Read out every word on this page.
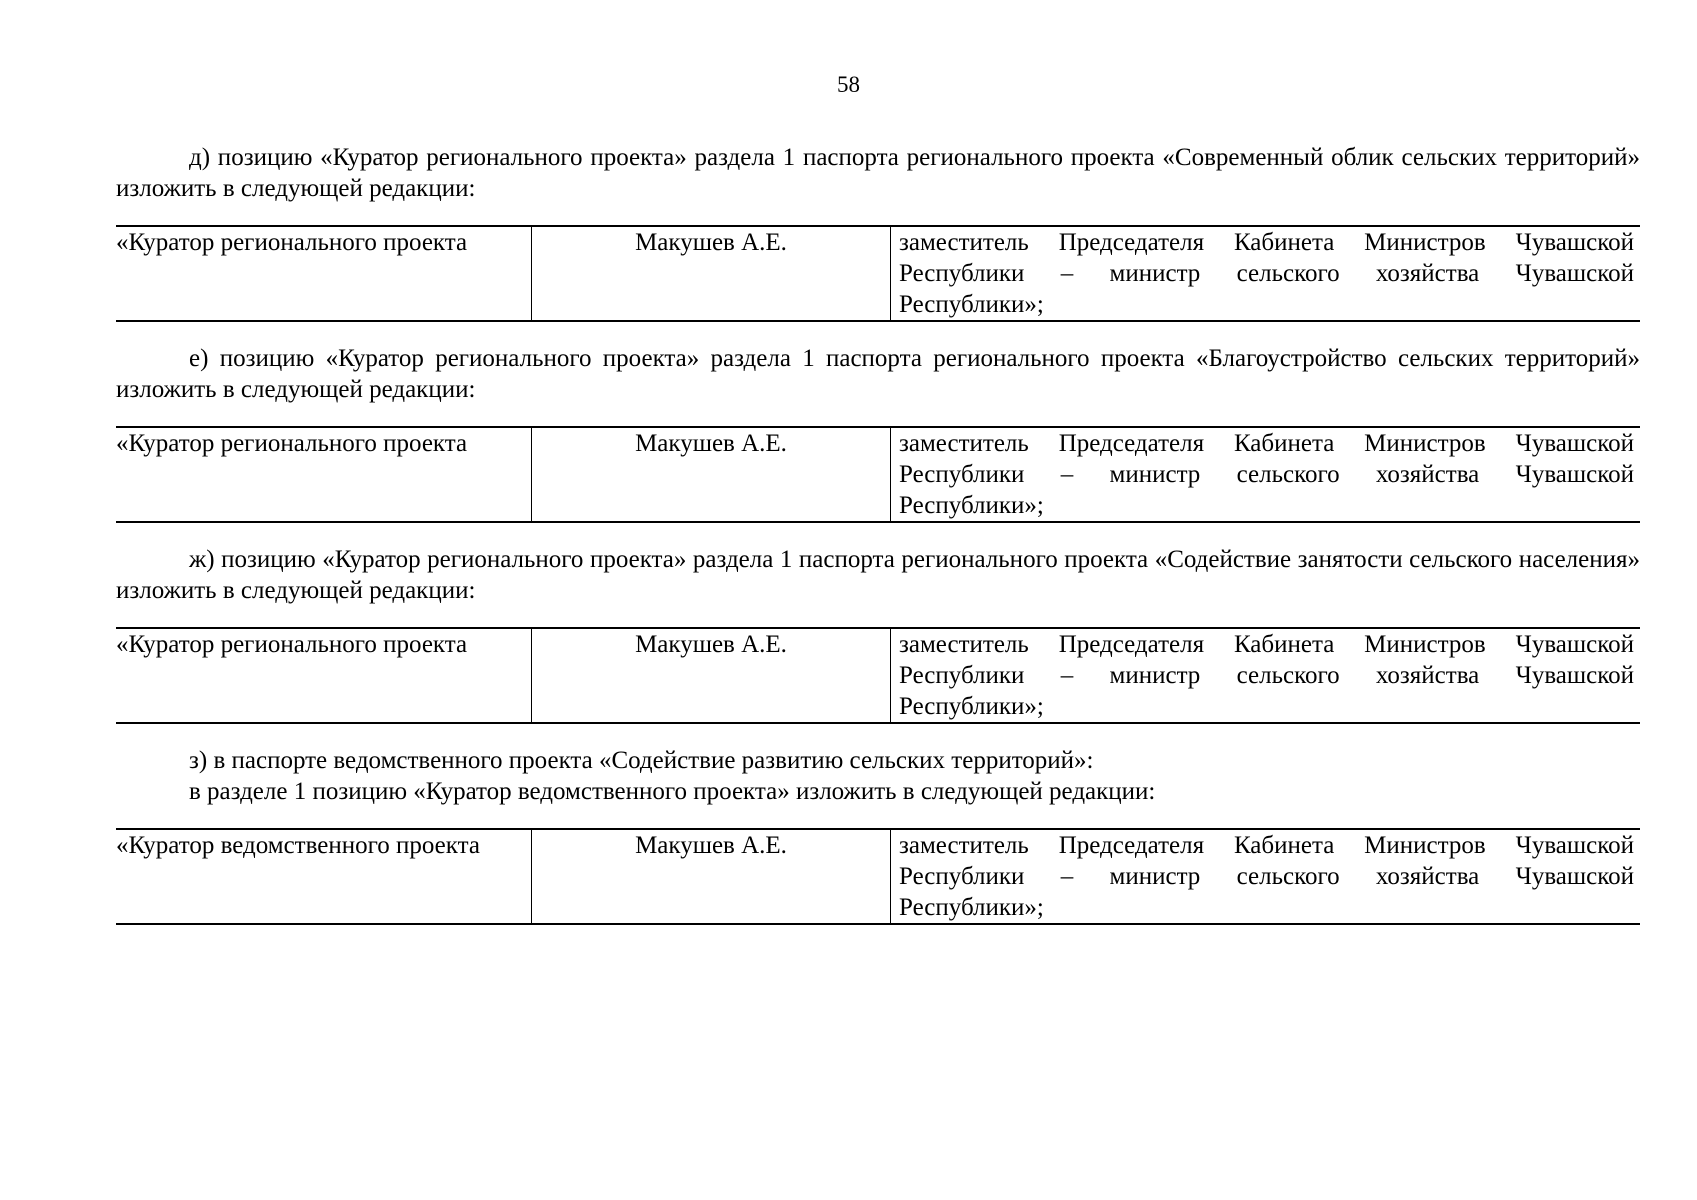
58

д) позицию «Куратор регионального проекта» раздела 1 паспорта регионального проекта «Современный облик сельских территорий» изложить в следующей редакции:

«Куратор регионального проекта	Макушев А.Е.	заместитель Председателя Кабинета Министров Чувашской Республики – министр сельского хозяйства Чувашской Республики»;

е) позицию «Куратор регионального проекта» раздела 1 паспорта регионального проекта «Благоустройство сельских территорий» изложить в следующей редакции:

«Куратор регионального проекта	Макушев А.Е.	заместитель Председателя Кабинета Министров Чувашской Республики – министр сельского хозяйства Чувашской Республики»;

ж) позицию «Куратор регионального проекта» раздела 1 паспорта регионального проекта «Содействие занятости сельского населения» изложить в следующей редакции:

«Куратор регионального проекта	Макушев А.Е.	заместитель Председателя Кабинета Министров Чувашской Республики – министр сельского хозяйства Чувашской Республики»;
з) в паспорте ведомственного проекта «Содействие развитию сельских территорий»:
в разделе 1 позицию «Куратор ведомственного проекта» изложить в следующей редакции:
«Куратор ведомственного проекта	Макушев А.Е.	заместитель Председателя Кабинета Министров Чувашской Республики – министр сельского хозяйства Чувашской Республики»;
